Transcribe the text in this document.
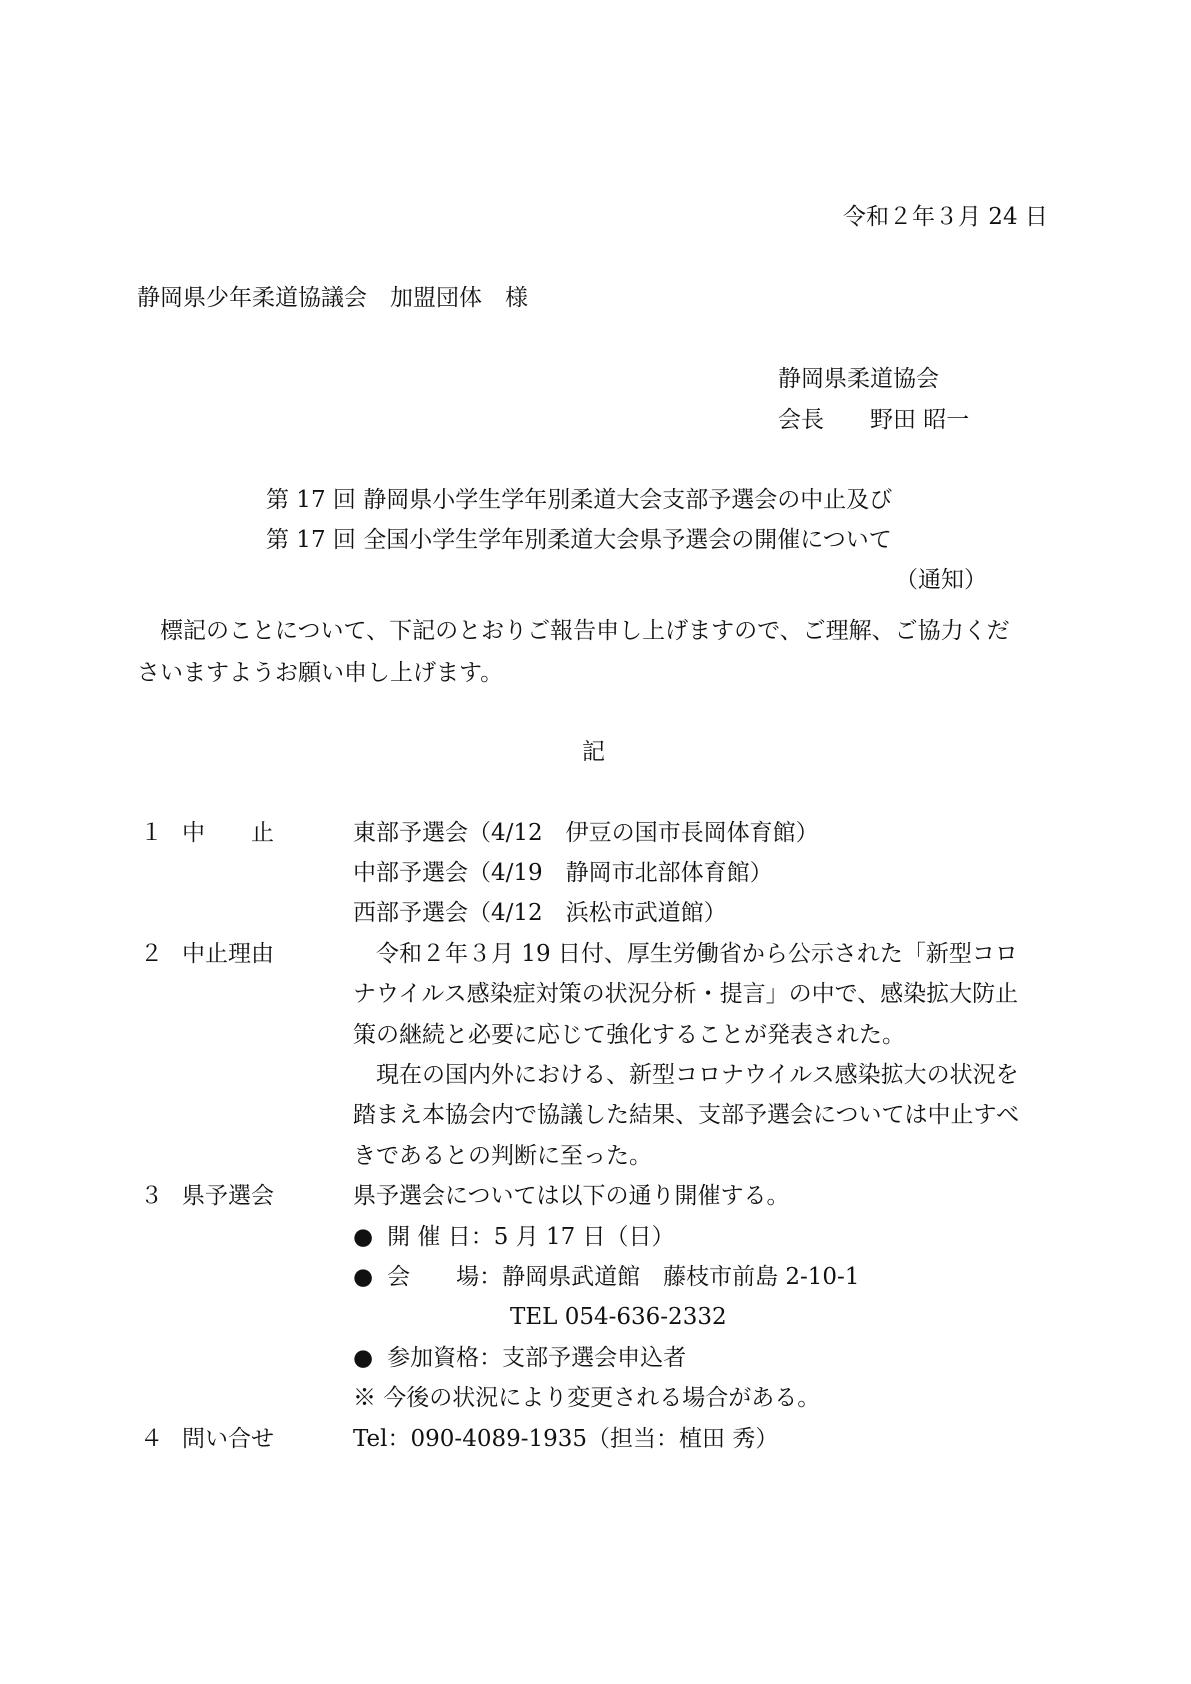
令和２年３月 24 日
静岡県少年柔道協議会　加盟団体　様
静岡県柔道協会
会長　　野田 昭一
第 17 回 静岡県小学生学年別柔道大会支部予選会の中止及び
第 17 回 全国小学生学年別柔道大会県予選会の開催について
（通知）
標記のことについて、下記のとおりご報告申し上げますので、ご理解、ご協力くだ
さいますようお願い申し上げます。
記
１ 中　　止	東部予選会（4/12　伊豆の国市長岡体育館）
中部予選会（4/19　静岡市北部体育館）
西部予選会（4/12　浜松市武道館）
２ 中止理由	令和２年３月 19 日付、厚生労働省から公示された「新型コロ
ナウイルス感染症対策の状況分析・提言」の中で、感染拡大防止
策の継続と必要に応じて強化することが発表された。
現在の国内外における、新型コロナウイルス感染拡大の状況を
踏まえ本協会内で協議した結果、支部予選会については中止すべ
きであるとの判断に至った。
３ 県予選会	県予選会については以下の通り開催する。
● 開 催 日：5 月 17 日（日）
● 会　　場：静岡県武道館　藤枝市前島 2-10-1
TEL 054-636-2332
● 参加資格：支部予選会申込者
※ 今後の状況により変更される場合がある。
４ 問い合せ	Tel：090-4089-1935（担当：植田 秀）
